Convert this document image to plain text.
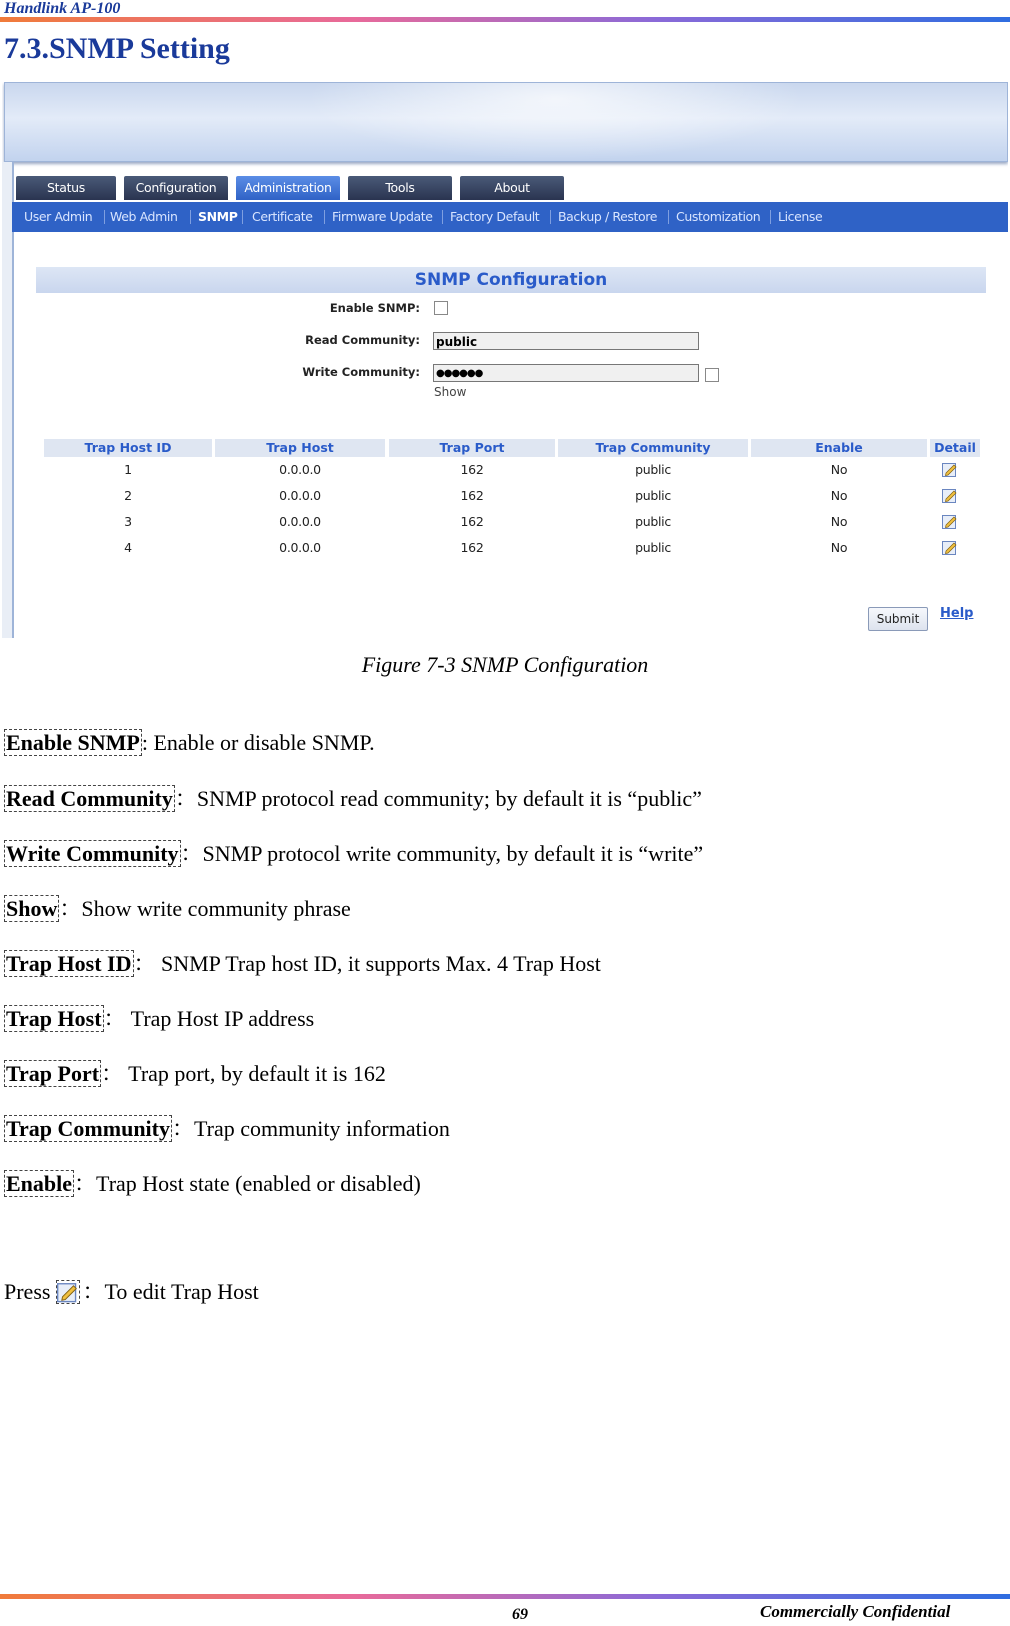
Handlink AP-100
7.3.SNMP Setting
Status	Configuration	Administration	Tools	About
User Admin Web Admin SNMP Certificate Firmware Update Factory Default Backup / Restore Customization License
SNMP Configuration
Enable SNMP:
Read Community: public
Write Community:	●●●●●●
Show
Trap Host ID	Trap Host	Trap Port	Trap Community	Enable	Detail
1	0.0.0.0	162	public	No
2	0.0.0.0	162	public	No
3	0.0.0.0	162	public	No
4	0.0.0.0	162	public	No
Submit	Help
Figure 7-3 SNMP Configuration
Enable SNMP: Enable or disable SNMP.
Read Community：SNMP protocol read community; by default it is “public”
Write Community：SNMP protocol write community, by default it is “write”
Show：Show write community phrase
Trap Host ID： SNMP Trap host ID, it supports Max. 4 Trap Host
Trap Host： Trap Host IP address
Trap Port： Trap port, by default it is 162
Trap Community：Trap community information
Enable：Trap Host state (enabled or disabled)
Press ：To edit Trap Host
69	Commercially Confidential
